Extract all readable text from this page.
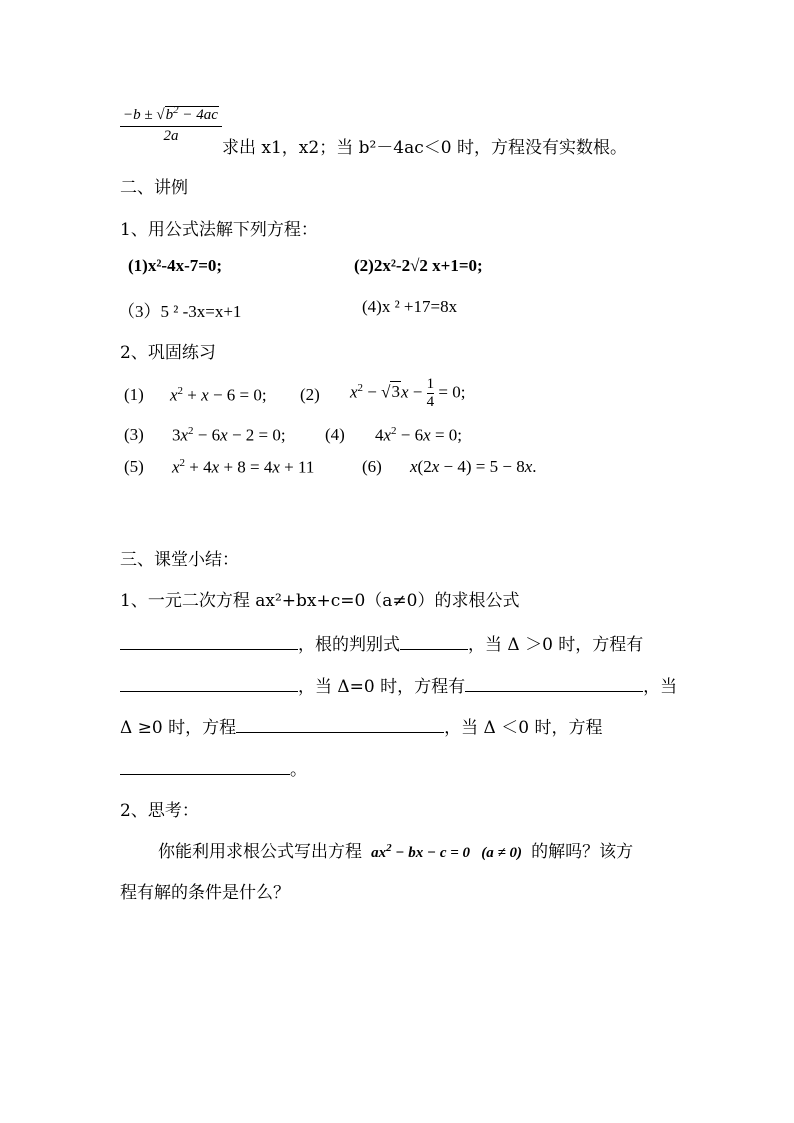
$\frac{-b \pm √b^2 - 4ac}{2a}$
求出 x1，x2；当 b²－4ac＜0 时，方程没有实数根。
二、讲例
1、用公式法解下列方程：
(1)x²-4x-7=0;	(2)2x²-2√2 x+1=0;
（3）5 ² -3x=x+1	(4)x ² +17=8x
2、巩固练习
(1) $x^2 + x - 6 = 0$; (2) $x^2 - √3x - \frac{1}{4} = 0$;
(3) $3x^2 - 6x - 2 = 0$; (4) $4x^2 - 6x = 0$;
(5) $x^2 + 4x + 8 = 4x + 11$	(6) x(2x − 4) = 5 − 8x.
三、课堂小结：
1、一元二次方程 ax²+bx+c=0（a≠0）的求根公式
，根的判别式	，当 Δ ＞0 时，方程有
，当 Δ=0 时，方程有	，当
Δ ≥0 时，方程	，当 Δ ＜0 时，方程
。
2、思考：
你能利用求根公式写出方程  $ax^2$ − bx − c = 0   (a ≠ 0)  的解吗？该方
程有解的条件是什么？
